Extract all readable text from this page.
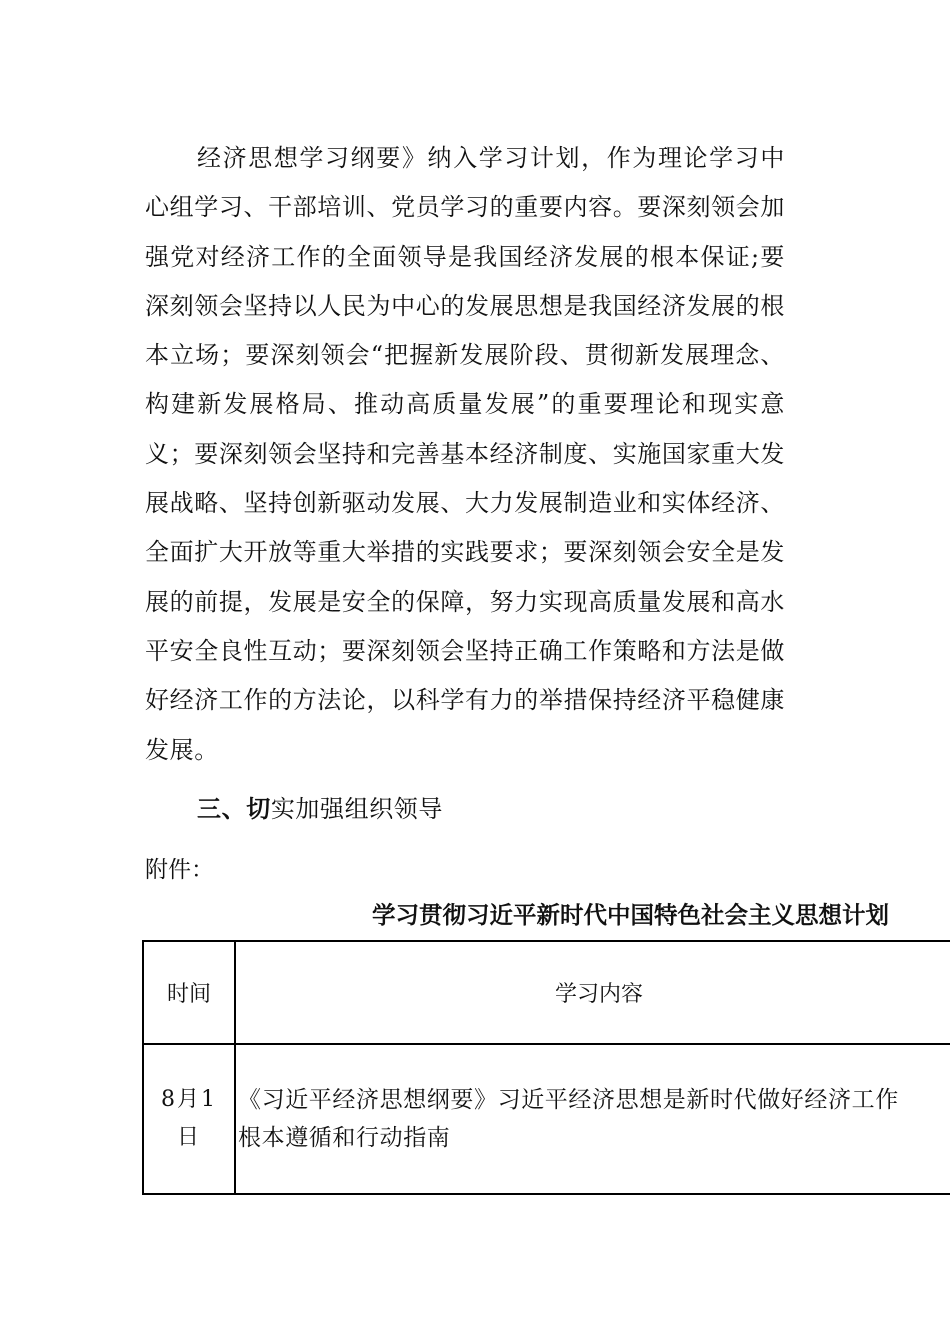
经济思想学习纲要》纳入学习计划，作为理论学习中心组学习、干部培训、党员学习的重要内容。要深刻领会加强党对经济工作的全面领导是我国经济发展的根本保证;要深刻领会坚持以人民为中心的发展思想是我国经济发展的根本立场；要深刻领会“把握新发展阶段、贯彻新发展理念、构建新发展格局、推动高质量发展”的重要理论和现实意义；要深刻领会坚持和完善基本经济制度、实施国家重大发展战略、坚持创新驱动发展、大力发展制造业和实体经济、全面扩大开放等重大举措的实践要求；要深刻领会安全是发展的前提，发展是安全的保障，努力实现高质量发展和高水平安全良性互动；要深刻领会坚持正确工作策略和方法是做好经济工作的方法论，以科学有力的举措保持经济平稳健康发展。

三、切实加强组织领导
附件：
学习贯彻习近平新时代中国特色社会主义思想计划
时间	学习内容

8月1
日	《习近平经济思想纲要》习近平经济思想是新时代做好经济工作
根本遵循和行动指南
